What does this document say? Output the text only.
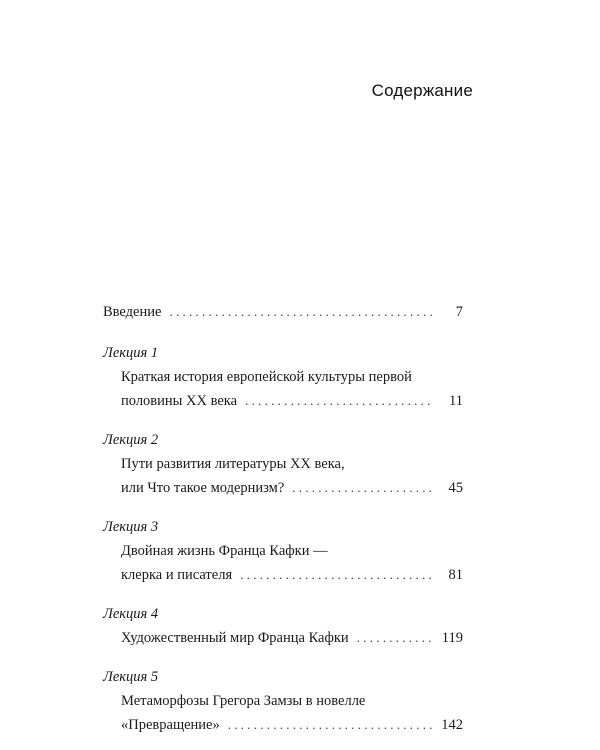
Содержание
Введение . . .	7
Лекция 1
Краткая история европейской культуры первой
половины XX века . . .	11
Лекция 2
Пути развития литературы XX века,
или Что такое модернизм? . . .	45
Лекция 3
Двойная жизнь Франца Кафки —
клерка и писателя . . .	81
Лекция 4
Художественный мир Франца Кафки . . .	119
Лекция 5
Метаморфозы Грегора Замзы в новелле
«Превращение» . . .	142
